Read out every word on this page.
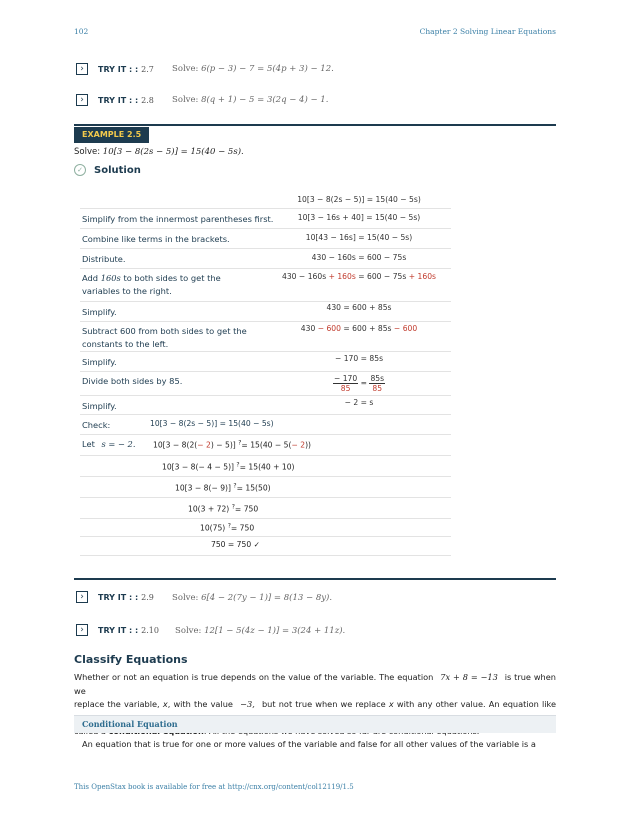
102	Chapter 2 Solving Linear Equations
›	TRY IT : : 2.7 Solve: 6(p − 3) − 7 = 5(4p + 3) − 12.
›	TRY IT : : 2.8 Solve: 8(q + 1) − 5 = 3(2q − 4) − 1.
EXAMPLE 2.5
Solve: 10[3 − 8(2s − 5)] = 15(40 − 5s).
✓	Solution
10[3 − 8(2s − 5)] = 15(40 − 5s)
Simplify from the innermost parentheses first.	10[3 − 16s + 40] = 15(40 − 5s)
Combine like terms in the brackets.	10[43 − 16s] = 15(40 − 5s)
Distribute.	430 − 160s = 600 − 75s
Add 160s to both sides to get the
variables to the right.
430 − 160s + 160s = 600 − 75s + 160s
Simplify.	430 = 600 + 85s
Subtract 600 from both sides to get the
constants to the left.
430 − 600 = 600 + 85s − 600
Simplify.	− 170 = 85s
Divide both sides by 85.	$\frac{- 170}{85} = \frac{85s}{85}$
Simplify.	− 2 = s
Check:	10[3 − 8(2s − 5)] = 15(40 − 5s)
Let s = − 2. 10[3 − 8(2(− 2) − 5)] ?= 15(40 − 5(− 2))
10[3 − 8(− 4 − 5)] ?= 15(40 + 10)
10[3 − 8(− 9)] ?= 15(50)
10(3 + 72) ?= 750
10(75) ?= 750
750 = 750 ✓
›	TRY IT : : 2.9 Solve: 6[4 − 2(7y − 1)] = 8(13 − 8y).
›	TRY IT : : 2.10 Solve: 12[1 − 5(4z − 1)] = 3(24 + 11z).
Classify Equations
Whether or not an equation is true depends on the value of the variable. The equation 7x + 8 = −13 is true when we
replace the variable, x, with the value −3, but not true when we replace x with any other value. An equation like

Conditional Equation
An equation that is true for one or more values of the variable and false for all other values of the variable is a
This OpenStax book is available for free at http://cnx.org/content/col12119/1.5
